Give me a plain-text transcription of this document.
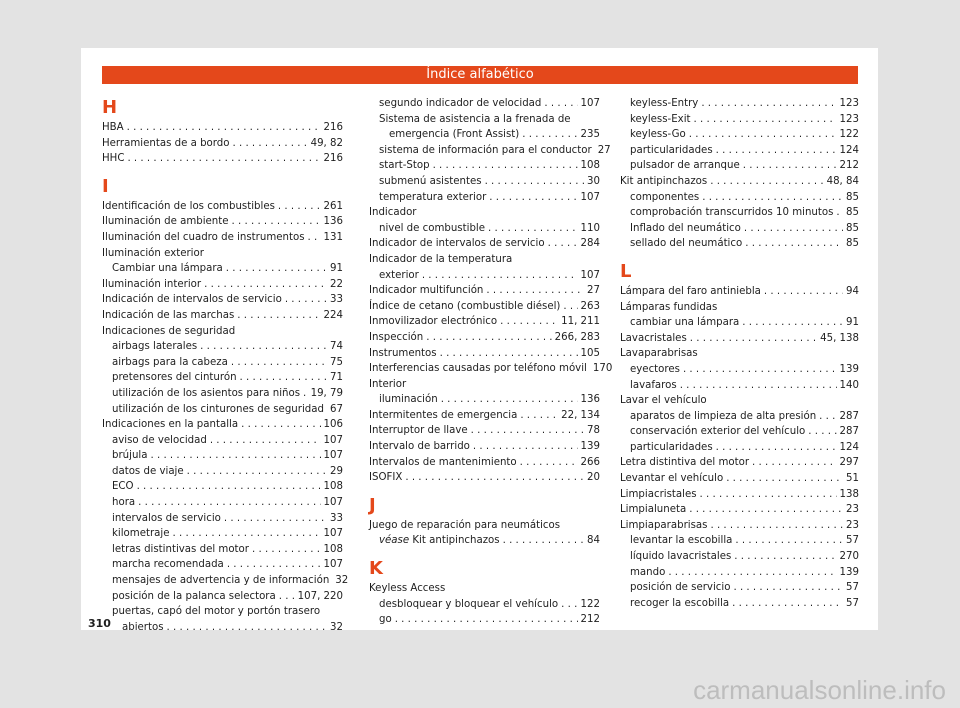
Índice alfabético
H
HBA . . .	216
Herramientas de a bordo . . .	49, 82
HHC . . .	216
I
Identificación de los combustibles . . .	261
Iluminación de ambiente . . .	136
Iluminación del cuadro de instrumentos . . . 131
Iluminación exterior
Cambiar una lámpara . . .	91
Iluminación interior . . .	22
Indicación de intervalos de servicio . . .	33
Indicación de las marchas . . .	224
Indicaciones de seguridad
airbags laterales . . .	74
airbags para la cabeza . . .	75
pretensores del cinturón . . .	71
utilización de los asientos para niños . . . 19, 79
utilización de los cinturones de seguridad . . . 67
Indicaciones en la pantalla . . .	106
aviso de velocidad . . .	107
brújula . . .	107
datos de viaje . . .	29
ECO . . .	108
hora . . .	107
intervalos de servicio . . .	33
kilometraje . . .	107
letras distintivas del motor . . .	108
marcha recomendada . . .	107
mensajes de advertencia y de información 32
posición de la palanca selectora . . . 107, 220
puertas, capó del motor y portón trasero
abiertos . . .	32
segundo indicador de velocidad . . .	107
Sistema de asistencia a la frenada de
emergencia (Front Assist) . . .	235
sistema de información para el conductor 27
start-Stop . . .	108
submenú asistentes . . .	30
temperatura exterior . . .	107
Indicador
nivel de combustible . . .	110
Indicador de intervalos de servicio . . .	284
Indicador de la temperatura
exterior . . .	107
Indicador multifunción . . .	27
Índice de cetano (combustible diésel) . . . 263
Inmovilizador electrónico . . .	11, 211
Inspección . . .	266, 283
Instrumentos . . .	105
Interferencias causadas por teléfono móvil 170
Interior
iluminación . . .	136
Intermitentes de emergencia . . .	22, 134
Interruptor de llave . . .	78
Intervalo de barrido . . .	139
Intervalos de mantenimiento . . .	266
ISOFIX . . .	20
J
Juego de reparación para neumáticos
véase Kit antipinchazos . . .	84
K
Keyless Access
desbloquear y bloquear el vehículo . . . 122
go . . .	212
keyless-Entry . . .	123
keyless-Exit . . .	123
keyless-Go . . .	122
particularidades . . .	124
pulsador de arranque . . .	212
Kit antipinchazos . . .	48, 84
componentes . . .	85
comprobación transcurridos 10 minutos . . . 85
Inflado del neumático . . .	85
sellado del neumático . . .	85
L
Lámpara del faro antiniebla . . .	94
Lámparas fundidas
cambiar una lámpara . . .	91
Lavacristales . . .	45, 138
Lavaparabrisas
eyectores . . .	139
lavafaros . . .	140
Lavar el vehículo
aparatos de limpieza de alta presión . . . 287
conservación exterior del vehículo . . .	287
particularidades . . .	124
Letra distintiva del motor . . .	297
Levantar el vehículo . . .	51
Limpiacristales . . .	138
Limpialuneta . . .	23
Limpiaparabrisas . . .	23
levantar la escobilla . . .	57
líquido lavacristales . . .	270
mando . . .	139
posición de servicio . . .	57
recoger la escobilla . . .	57
310
carmanualsonline.info
